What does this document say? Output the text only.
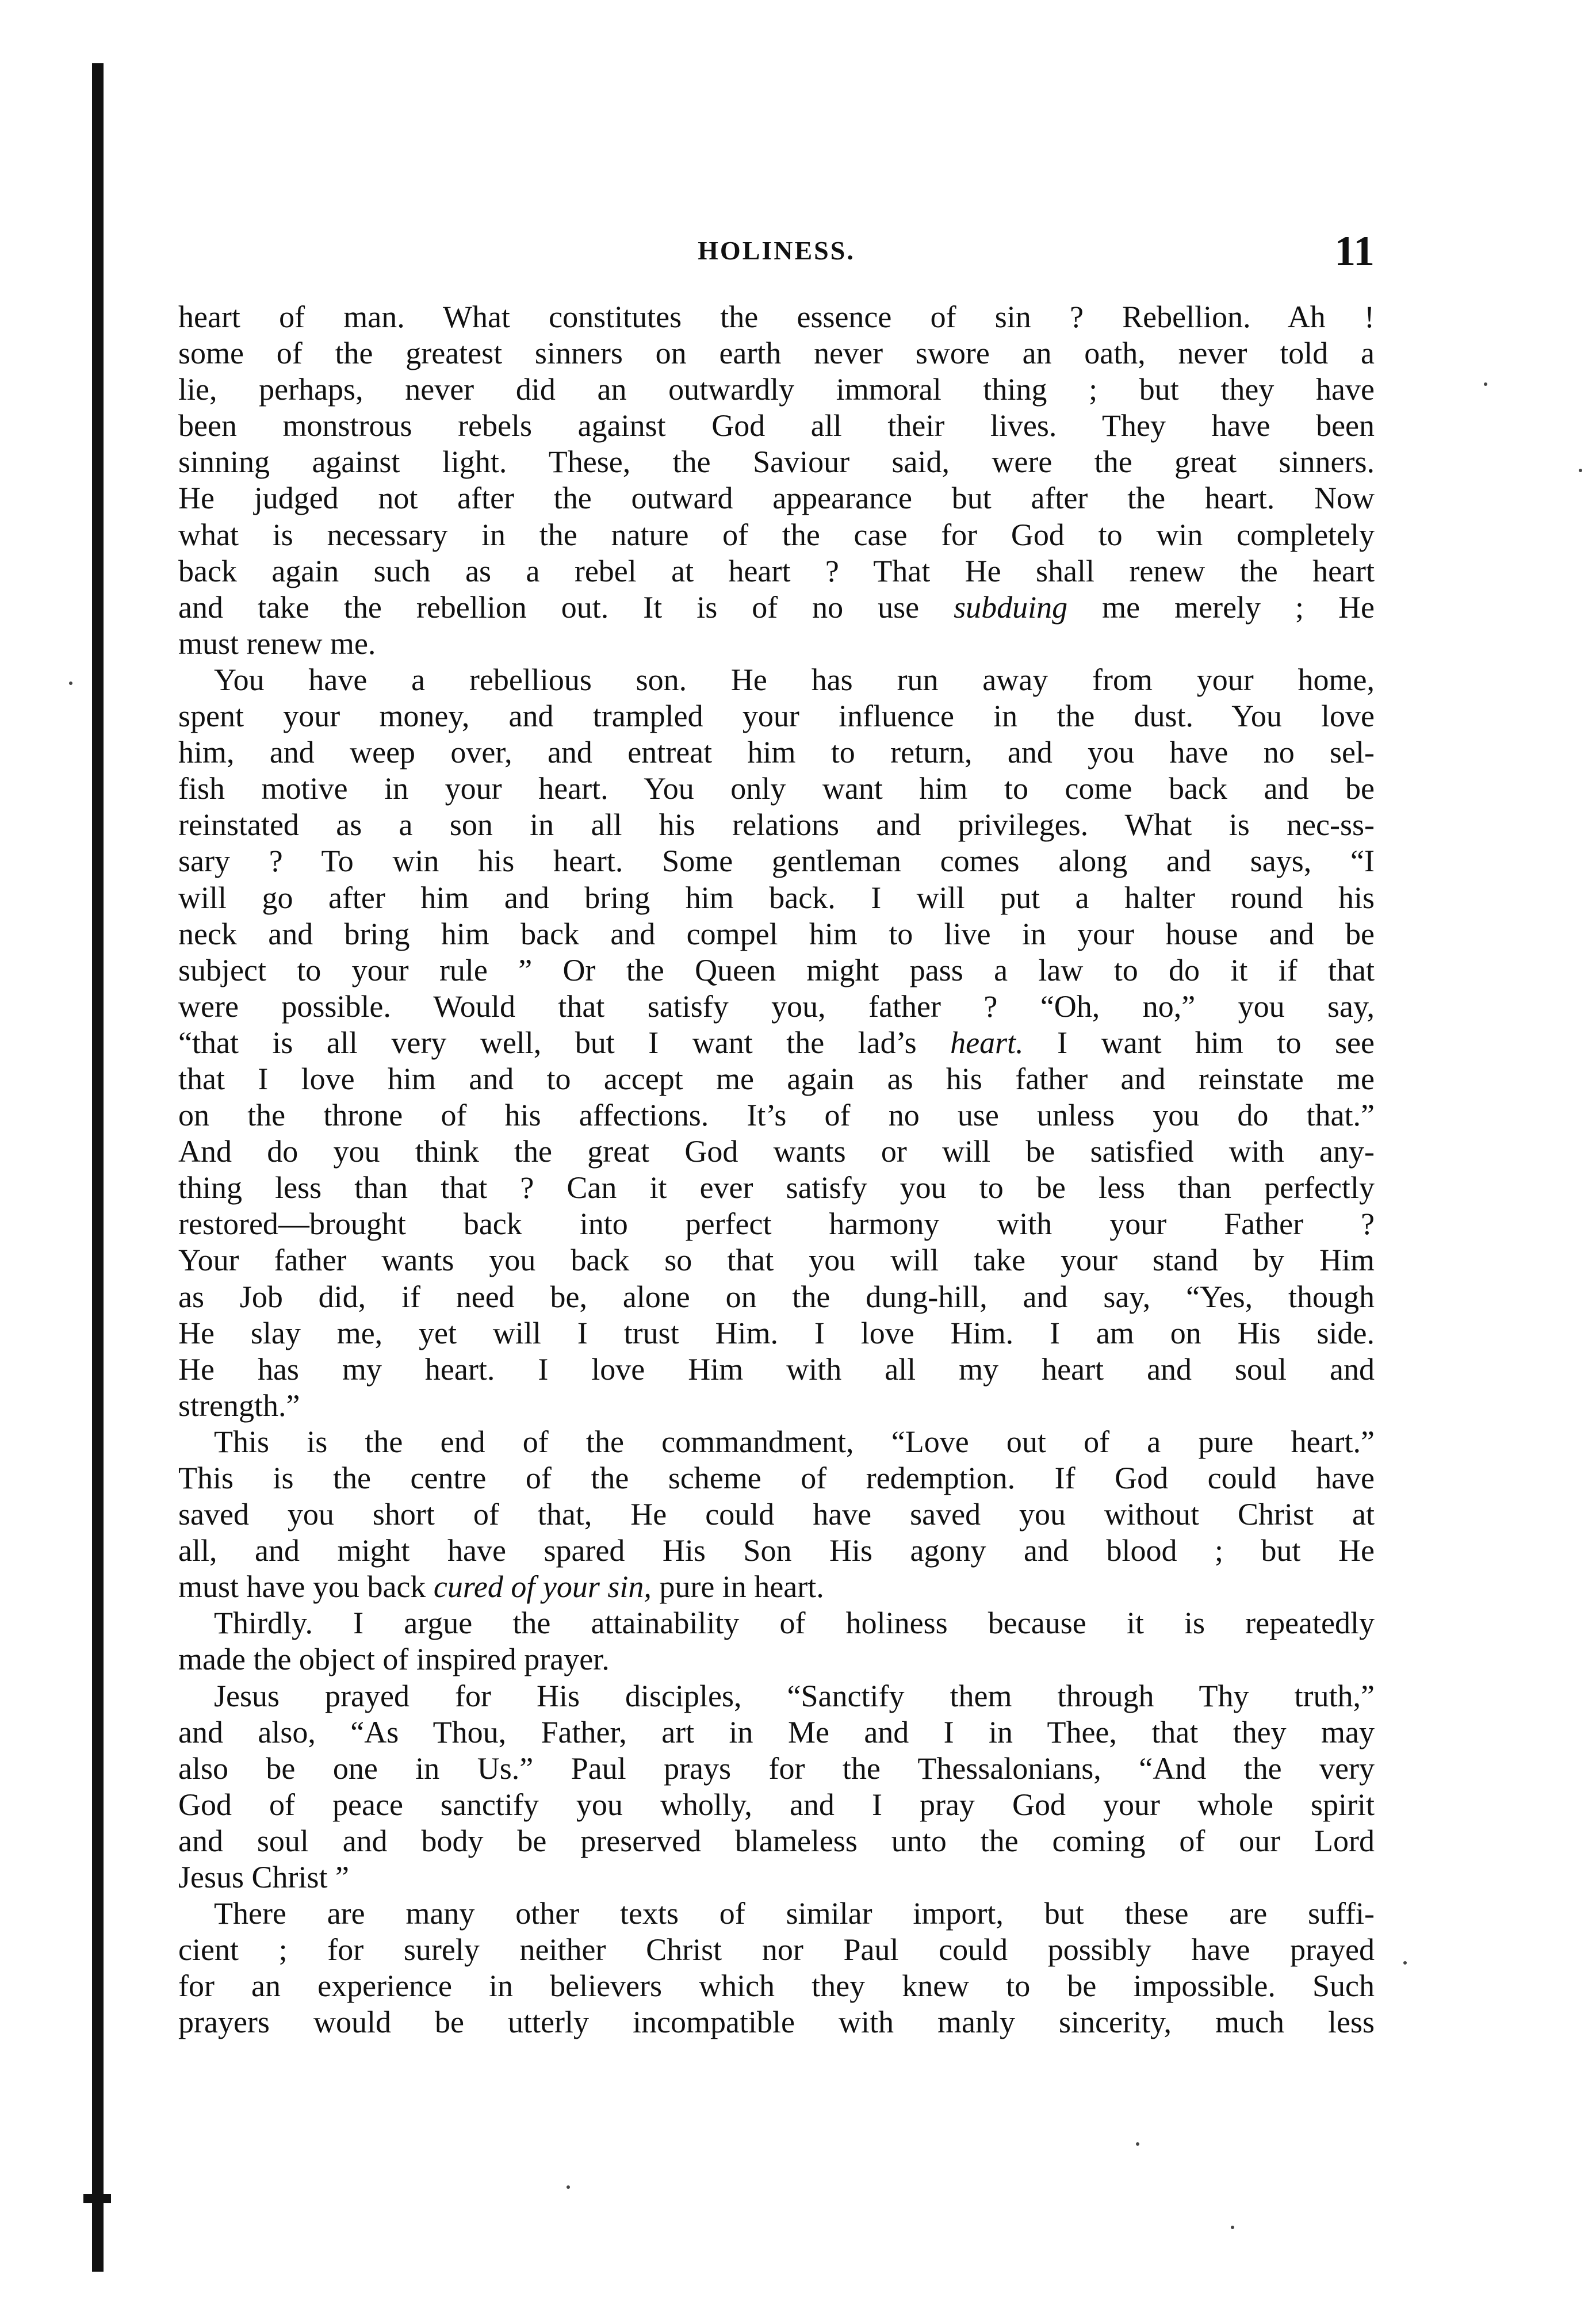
HOLINESS.	11
heart of man. What constitutes the essence of sin ? Rebellion. Ah !
some of the greatest sinners on earth never swore an oath, never told a
lie, perhaps, never did an outwardly immoral thing ; but they have
been monstrous rebels against God all their lives. They have been
sinning against light. These, the Saviour said, were the great sinners.
He judged not after the outward appearance but after the heart. Now
what is necessary in the nature of the case for God to win completely
back again such as a rebel at heart ? That He shall renew the heart
and take the rebellion out. It is of no use subduing me merely ; He
must renew me.
You have a rebellious son. He has run away from your home,
spent your money, and trampled your influence in the dust. You love
him, and weep over, and entreat him to return, and you have no sel-
fish motive in your heart. You only want him to come back and be
reinstated as a son in all his relations and privileges. What is nec-ss-
sary ? To win his heart. Some gentleman comes along and says, “I
will go after him and bring him back. I will put a halter round his
neck and bring him back and compel him to live in your house and be
subject to your rule ” Or the Queen might pass a law to do it if that
were possible. Would that satisfy you, father ? “Oh, no,” you say,
“that is all very well, but I want the lad’s heart. I want him to see
that I love him and to accept me again as his father and reinstate me
on the throne of his affections. It’s of no use unless you do that.”
And do you think the great God wants or will be satisfied with any-
thing less than that ? Can it ever satisfy you to be less than perfectly
restored—brought back into perfect harmony with your Father ?
Your father wants you back so that you will take your stand by Him
as Job did, if need be, alone on the dung-hill, and say, “Yes, though
He slay me, yet will I trust Him. I love Him. I am on His side.
He has my heart. I love Him with all my heart and soul and
strength.”
This is the end of the commandment, “Love out of a pure heart.”
This is the centre of the scheme of redemption. If God could have
saved you short of that, He could have saved you without Christ at
all, and might have spared His Son His agony and blood ; but He
must have you back cured of your sin, pure in heart.
Thirdly. I argue the attainability of holiness because it is repeatedly
made the object of inspired prayer.
Jesus prayed for His disciples, “Sanctify them through Thy truth,”
and also, “As Thou, Father, art in Me and I in Thee, that they may
also be one in Us.” Paul prays for the Thessalonians, “And the very
God of peace sanctify you wholly, and I pray God your whole spirit
and soul and body be preserved blameless unto the coming of our Lord
Jesus Christ ”
There are many other texts of similar import, but these are suffi-
cient ; for surely neither Christ nor Paul could possibly have prayed
for an experience in believers which they knew to be impossible. Such
prayers would be utterly incompatible with manly sincerity, much less
